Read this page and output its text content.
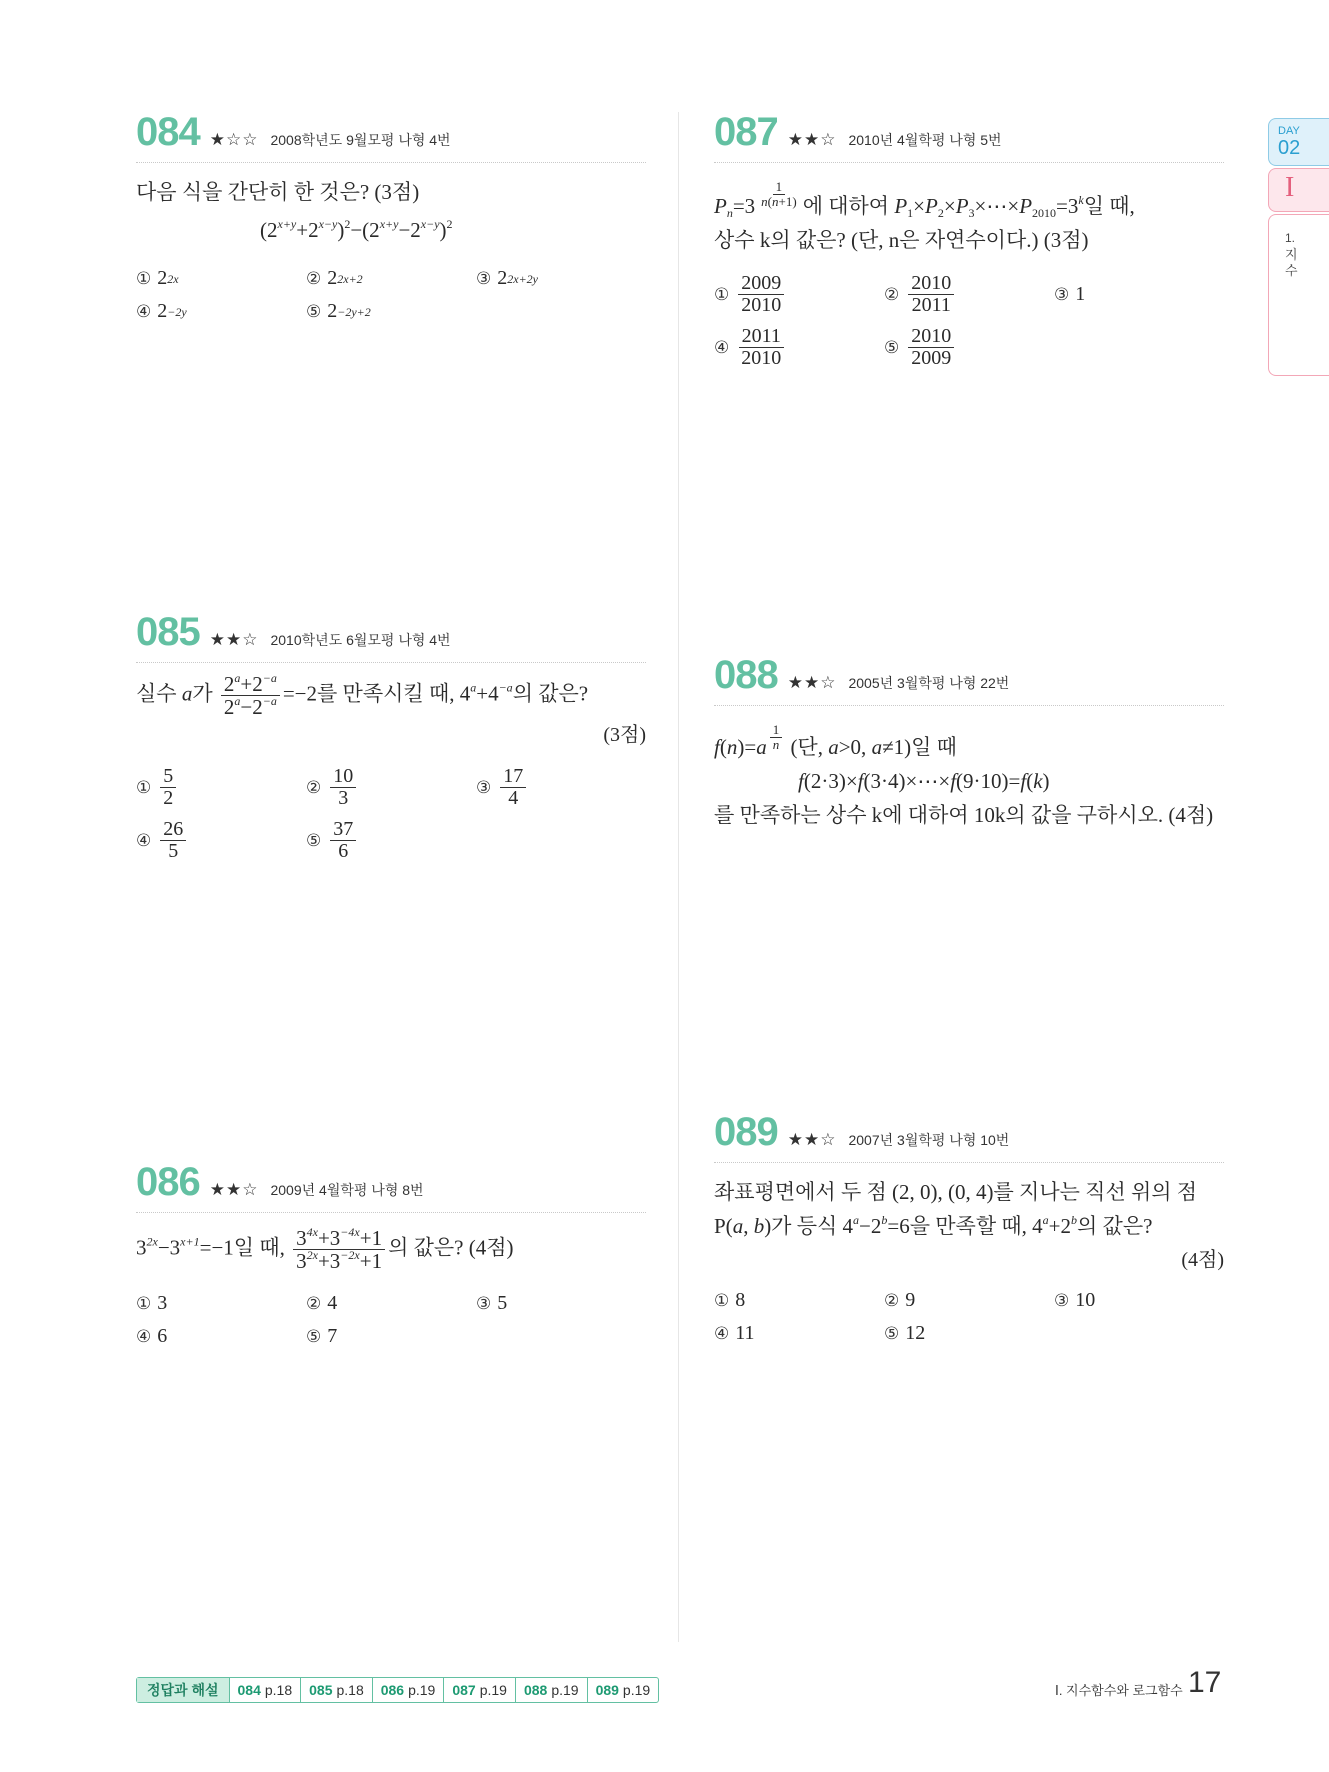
084 ★☆☆ 2008학년도 9월모평 나형 4번
다음 식을 간단히 한 것은? (3점)
$(2^{x+y}+2^{x-y})^2-(2^{x+y}-2^{x-y})^2$
① 2 2x	② 2 2x+2	③ 2 2x+2y
④ 2 −2y	⑤ 2 −2y+2
085 ★★☆ 2010학년도 6월모평 나형 4번
실수 a가 $\frac{2^a+2^{-a}}{2^a-2^{-a}} =-2$를 만족시킬 때, $4^a+4^{-a}$의 값은?
(3점)
① $\frac{5}{2}$	② $\frac{10}{3}$	③ $\frac{17}{4}$
④ $\frac{26}{5}$	⑤ $\frac{37}{6}$
086 ★★☆ 2009년 4월학평 나형 8번
$3^{2x}-3^{x+1}=-1$일 때, $\frac{3^{4x}+3^{-4x}+1}{3^{2x}+3^{-2x}+1}$ 의 값은? (4점)
① 3	② 4	③ 5
④ 6	⑤ 7
087 ★★☆ 2010년 4월학평 나형 5번
$P_n=3 \frac{1}{n(n+1)}$ 에 대하여 $P_1\times P_2\times P_3\times\cdots\times P_{2010}=3^k$일 때,
상수 k의 값은? (단, n은 자연수이다.) (3점)
① $\frac{2009}{2010}$	② $\frac{2010}{2011}$	③ 1
④ $\frac{2011}{2010}$	⑤ $\frac{2010}{2009}$
088 ★★☆ 2005년 3월학평 나형 22번
$f(n)=a \frac{1}{n}$ (단, a>0, a≠1)일 때
f(2·3)×f(3·4)×⋯×f(9·10)=f(k)
를 만족하는 상수 k에 대하여 10k의 값을 구하시오. (4점)
089 ★★☆ 2007년 3월학평 나형 10번
좌표평면에서 두 점 (2, 0), (0, 4)를 지나는 직선 위의 점
P(a, b)가 등식 $4^a-2^b=6$을 만족할 때, $4^a+2^b$의 값은?
(4점)
① 8	② 9	③ 10
④ 11	⑤ 12
DAY
02
I
1.
지수
정답과 해설	084 p.18 085 p.18 086 p.19 087 p.19 088 p.19 089 p.19	Ⅰ. 지수함수와 로그함수 17
